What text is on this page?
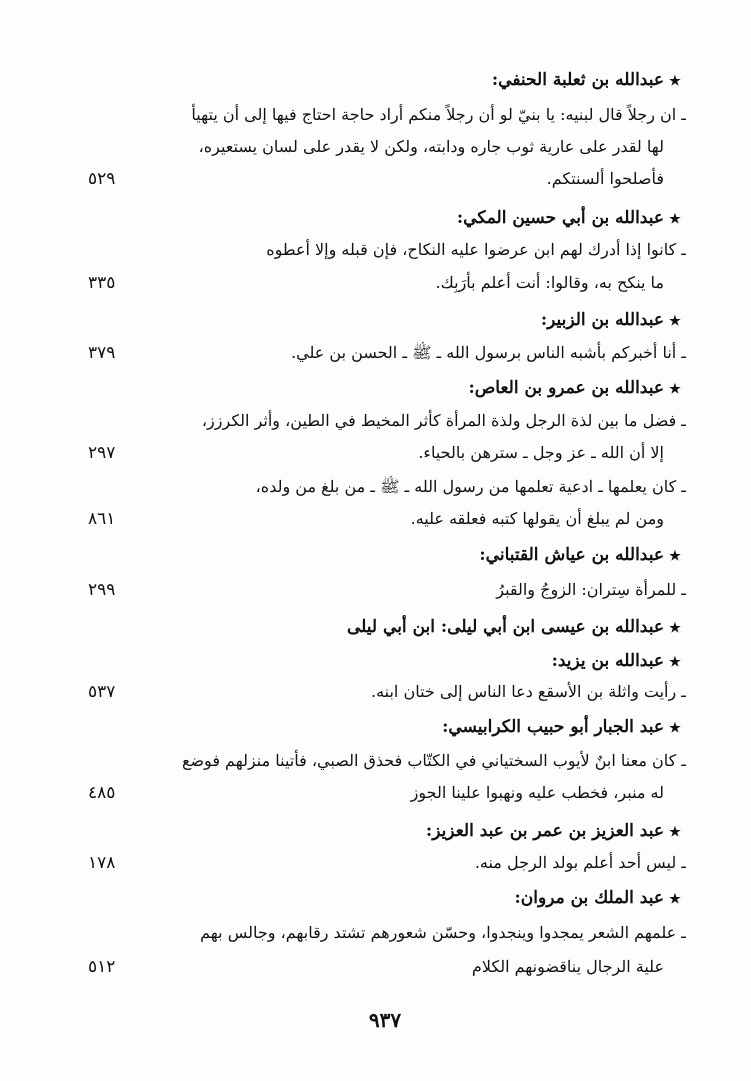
★عبدالله بن ثعلبة الحنفي:
ـ ان رجلاً قال لبنيه: يا بنيّ لو أن رجلاً منكم أراد حاجة احتاج فيها إلى أن يتهيأ
لها لقدر على عارية ثوب جاره ودابته، ولكن لا يقدر على لسان يستعيره،
فأصلحوا ألسنتكم.
٥٢٩
★عبدالله بن أبي حسين المكي:
ـ كانوا إذا أدرك لهم ابن عرضوا عليه النكاح، فإن قبله وإلا أعطوه
ما ينكح به، وقالوا: أنت أعلم بأرَبِك.
٣٣٥
★عبدالله بن الزبير:
ـ أنا أخبركم بأشبه الناس برسول الله ـ ﷺ ـ الحسن بن علي.
٣٧٩
★عبدالله بن عمرو بن العاص:
ـ فضل ما بين لذة الرجل ولذة المرأة كأثر المخيط في الطين، وأثر الكرزز،
إلا أن الله ـ عز وجل ـ سترهن بالحياء.
٢٩٧
ـ كان يعلمها ـ ادعية تعلمها من رسول الله ـ ﷺ ـ من بلغ من ولده،
ومن لم يبلغ أن يقولها كتبه فعلقه عليه.
٨٦١
★عبدالله بن عياش القتباني:
ـ للمرأة سِتران: الزوجُ والقبرُ
٢٩٩
★عبدالله بن عيسى ابن أبي ليلى: ابن أبي ليلى
★عبدالله بن يزيد:
ـ رأيت واثلة بن الأسقع دعا الناس إلى ختان ابنه.
٥٣٧
★عبد الجبار أبو حبيب الكرابيسي:
ـ كان معنا ابنٌ لأيوب السختياني في الكتّاب فحذق الصبي، فأتينا منزلهم فوضع
له منبر، فخطب عليه ونهبوا علينا الجوز
٤٨٥
★عبد العزيز بن عمر بن عبد العزيز:
ـ ليس أحد أعلم بولد الرجل منه.
١٧٨
★عبد الملك بن مروان:
ـ علمهم الشعر يمجدوا وينجدوا، وحسّن شعورهم تشتد رقابهم، وجالس بهم
علية الرجال يناقضونهم الكلام
٥١٢
٩٣٧
